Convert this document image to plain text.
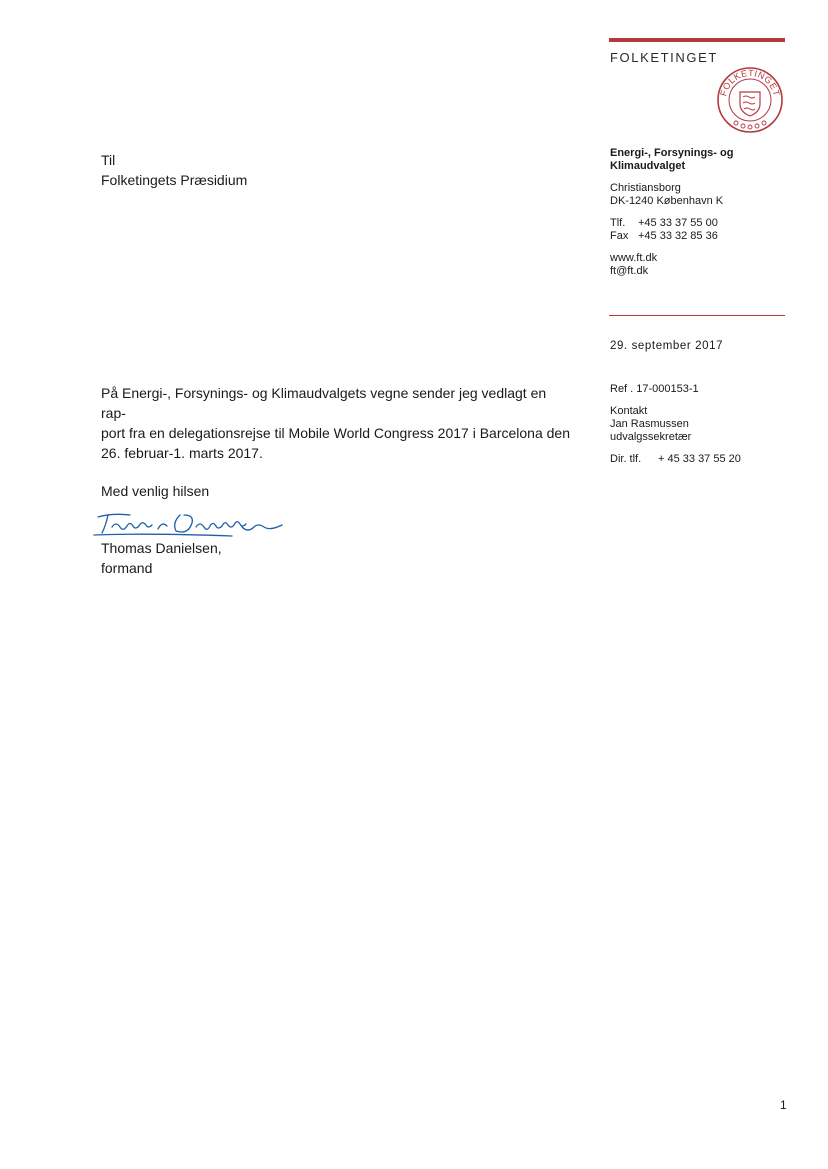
FOLKETINGET
FOLKETINGET
Energi-, Forsynings- og Klimaudvalget
Christiansborg
DK-1240 København K
Tlf.	+45 33 37 55 00
Fax +45 33 32 85 36
www.ft.dk
ft@ft.dk
29. september 2017
Ref . 17-000153-1
Kontakt
Jan Rasmussen
udvalgssekretær
Dir. tlf.	+ 45 33 37 55 20
Til
Folketingets Præsidium
På Energi-, Forsynings- og Klimaudvalgets vegne sender jeg vedlagt en rap-
port fra en delegationsrejse til Mobile World Congress 2017 i Barcelona den
26. februar-1. marts 2017.
Med venlig hilsen
Thomas Danielsen,
formand
1
